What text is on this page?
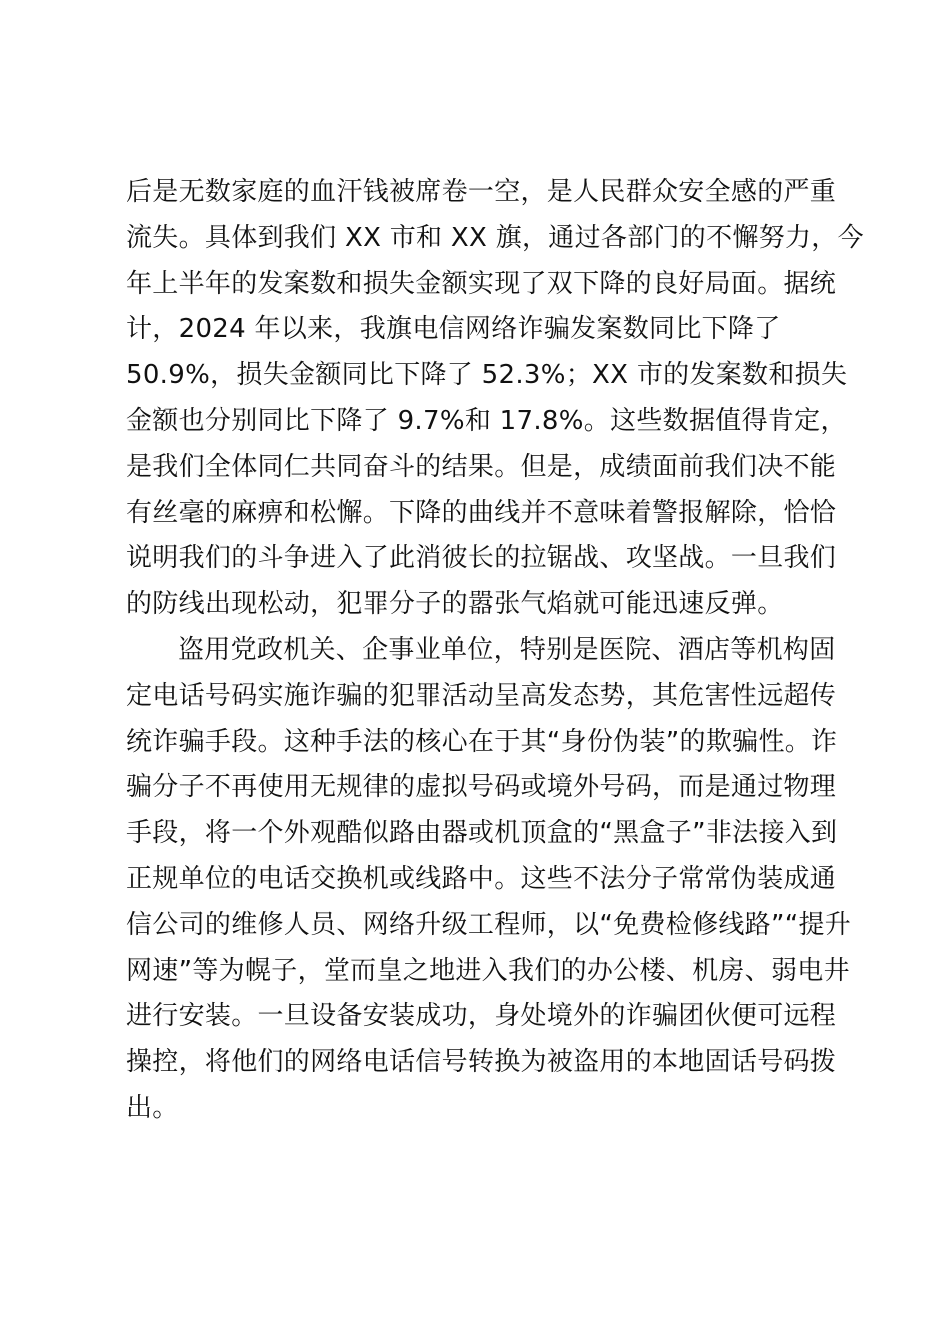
后是无数家庭的血汗钱被席卷一空，是人民群众安全感的严重
流失。具体到我们 XX 市和 XX 旗，通过各部门的不懈努力，今
年上半年的发案数和损失金额实现了双下降的良好局面。据统
计，2024 年以来，我旗电信网络诈骗发案数同比下降了
50.9%，损失金额同比下降了 52.3%；XX 市的发案数和损失
金额也分别同比下降了 9.7%和 17.8%。这些数据值得肯定，
是我们全体同仁共同奋斗的结果。但是，成绩面前我们决不能
有丝毫的麻痹和松懈。下降的曲线并不意味着警报解除，恰恰
说明我们的斗争进入了此消彼长的拉锯战、攻坚战。一旦我们
的防线出现松动，犯罪分子的嚣张气焰就可能迅速反弹。
盗用党政机关、企事业单位，特别是医院、酒店等机构固
定电话号码实施诈骗的犯罪活动呈高发态势，其危害性远超传
统诈骗手段。这种手法的核心在于其“身份伪装”的欺骗性。诈
骗分子不再使用无规律的虚拟号码或境外号码，而是通过物理
手段，将一个外观酷似路由器或机顶盒的“黑盒子”非法接入到
正规单位的电话交换机或线路中。这些不法分子常常伪装成通
信公司的维修人员、网络升级工程师，以“免费检修线路”“提升
网速”等为幌子，堂而皇之地进入我们的办公楼、机房、弱电井
进行安装。一旦设备安装成功，身处境外的诈骗团伙便可远程
操控，将他们的网络电话信号转换为被盗用的本地固话号码拨
出。
